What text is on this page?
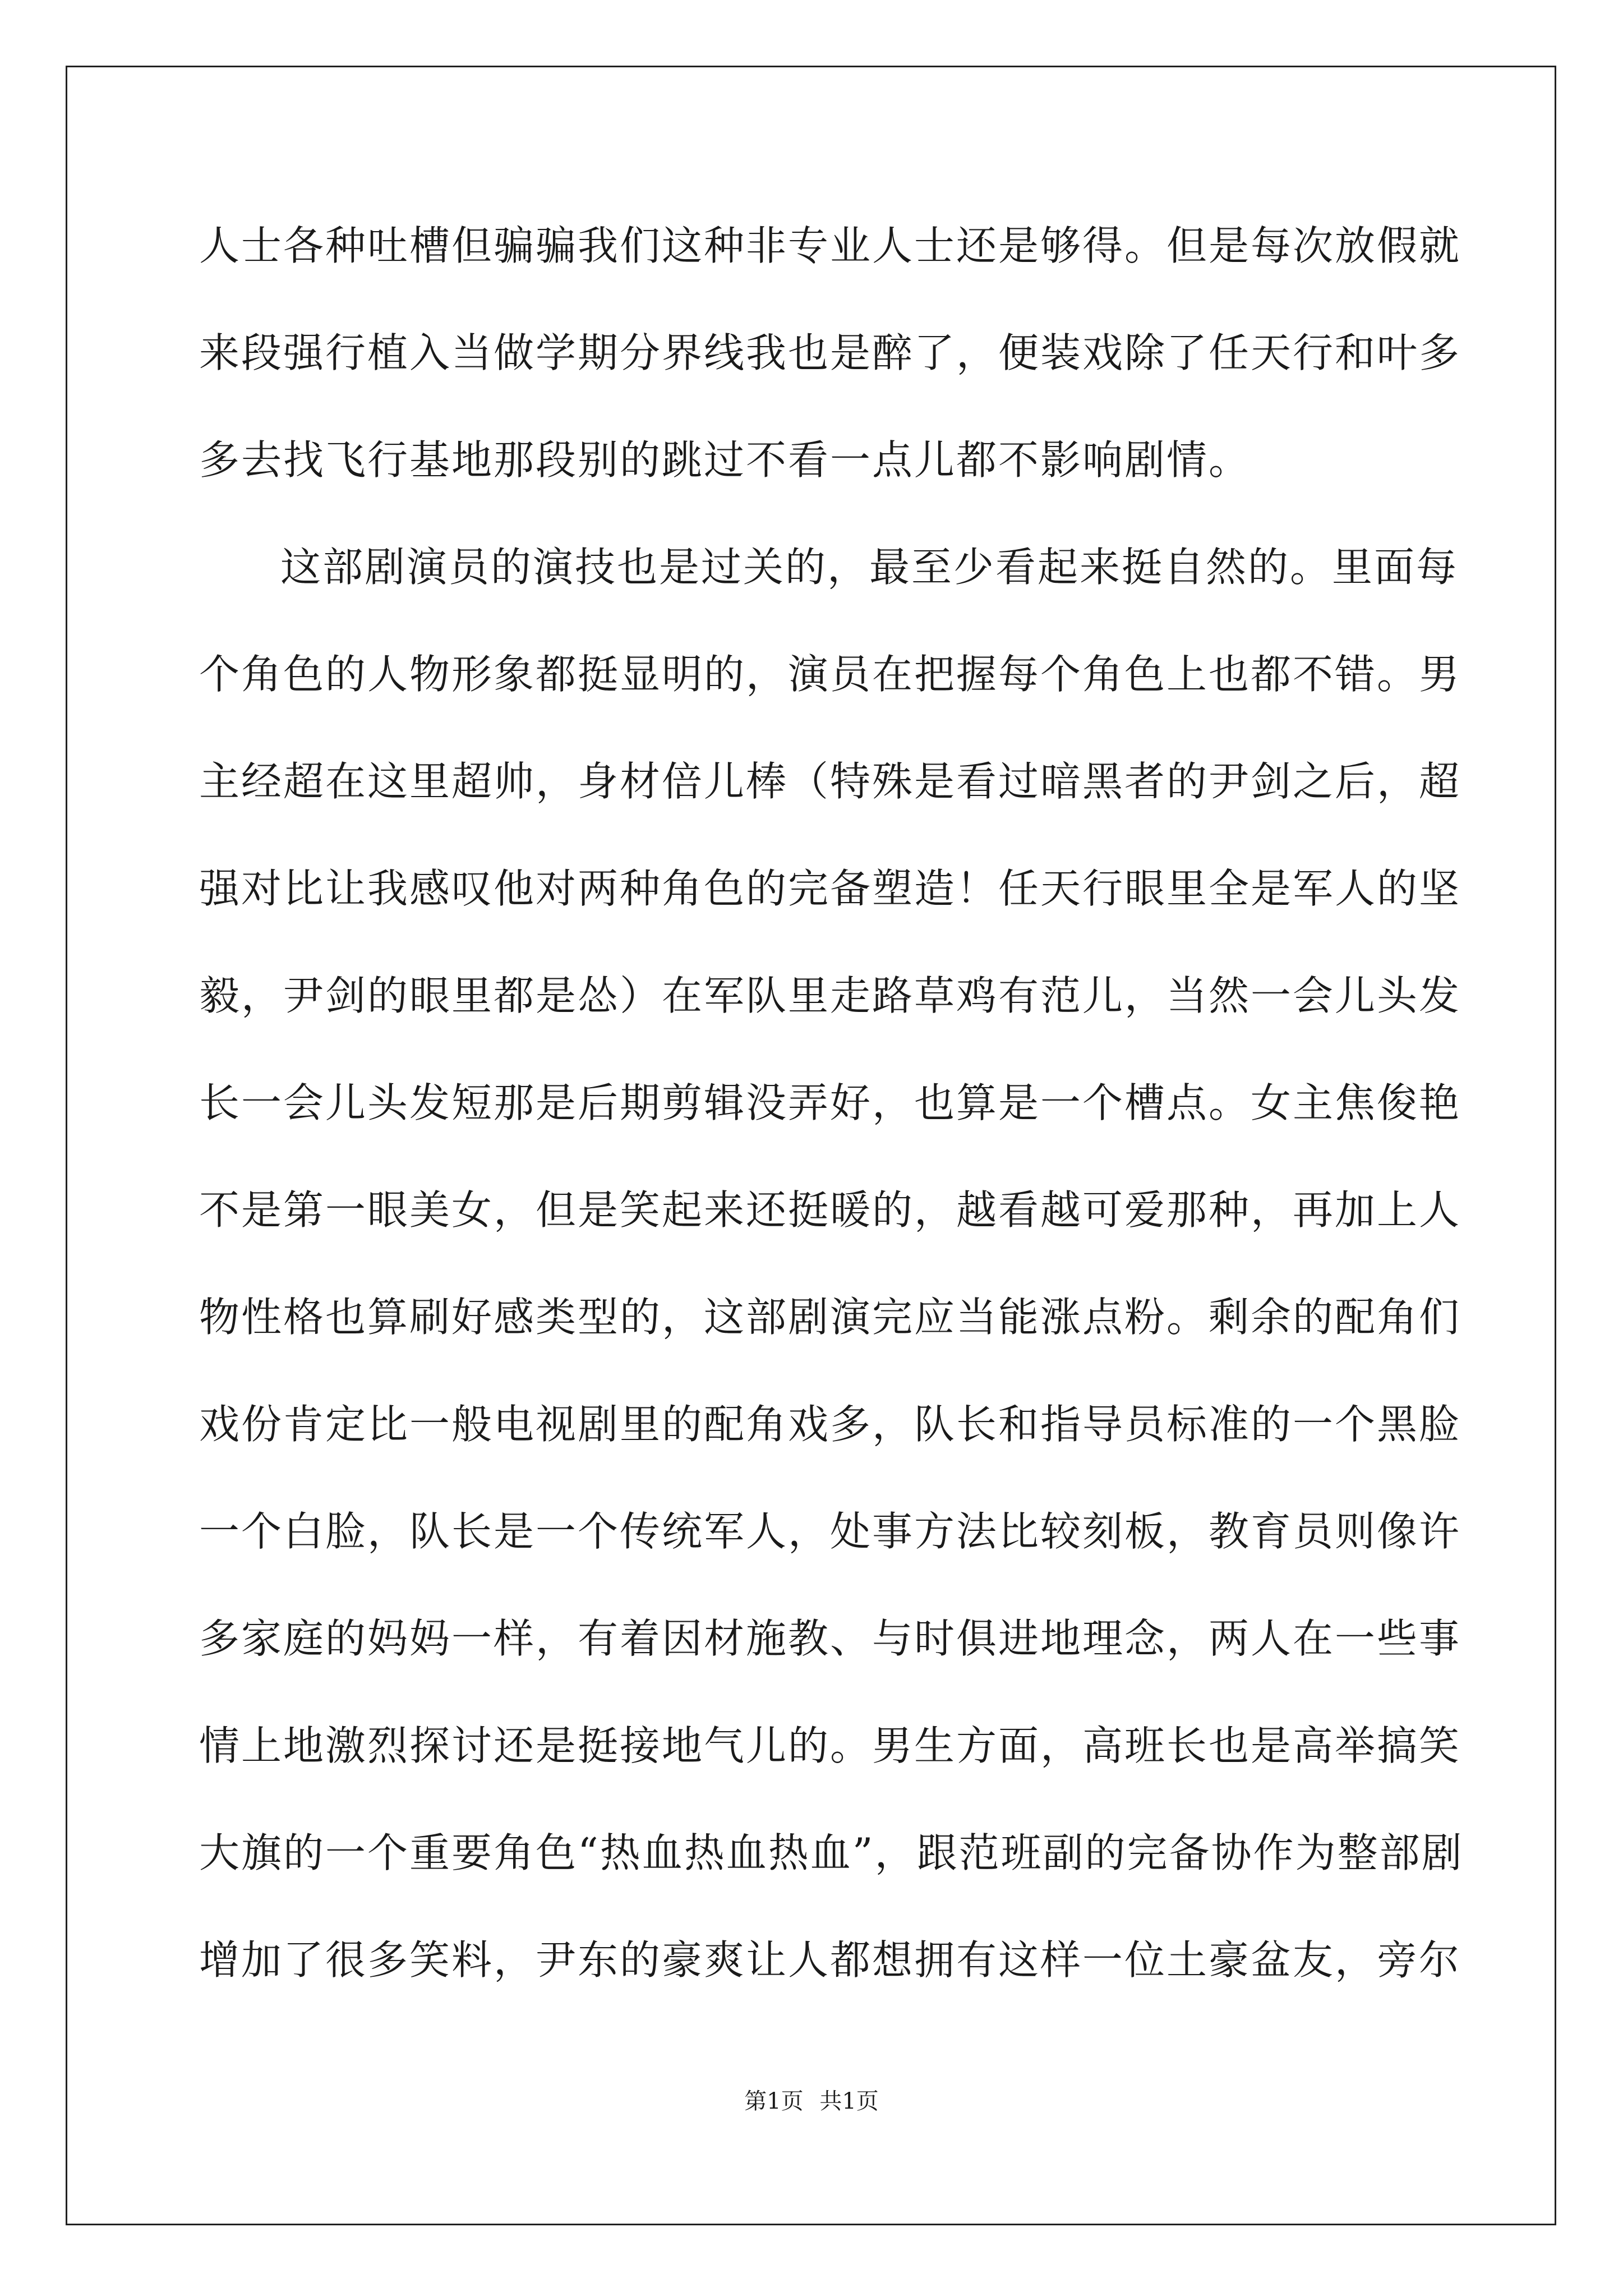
人士各种吐槽但骗骗我们这种非专业人士还是够得。但是每次放假就
来段强行植入当做学期分界线我也是醉了，便装戏除了任天行和叶多
多去找飞行基地那段别的跳过不看一点儿都不影响剧情。
这部剧演员的演技也是过关的，最至少看起来挺自然的。里面每
个角色的人物形象都挺显明的，演员在把握每个角色上也都不错。男
主经超在这里超帅，身材倍儿棒（特殊是看过暗黑者的尹剑之后，超
强对比让我感叹他对两种角色的完备塑造！任天行眼里全是军人的坚
毅，尹剑的眼里都是怂）在军队里走路草鸡有范儿，当然一会儿头发
长一会儿头发短那是后期剪辑没弄好，也算是一个槽点。女主焦俊艳
不是第一眼美女，但是笑起来还挺暖的，越看越可爱那种，再加上人
物性格也算刷好感类型的，这部剧演完应当能涨点粉。剩余的配角们
戏份肯定比一般电视剧里的配角戏多，队长和指导员标准的一个黑脸
一个白脸，队长是一个传统军人，处事方法比较刻板，教育员则像许
多家庭的妈妈一样，有着因材施教、与时俱进地理念，两人在一些事
情上地激烈探讨还是挺接地气儿的。男生方面，高班长也是高举搞笑
大旗的一个重要角色“热血热血热血”，跟范班副的完备协作为整部剧
增加了很多笑料，尹东的豪爽让人都想拥有这样一位土豪盆友，旁尔
第1页 共1页
